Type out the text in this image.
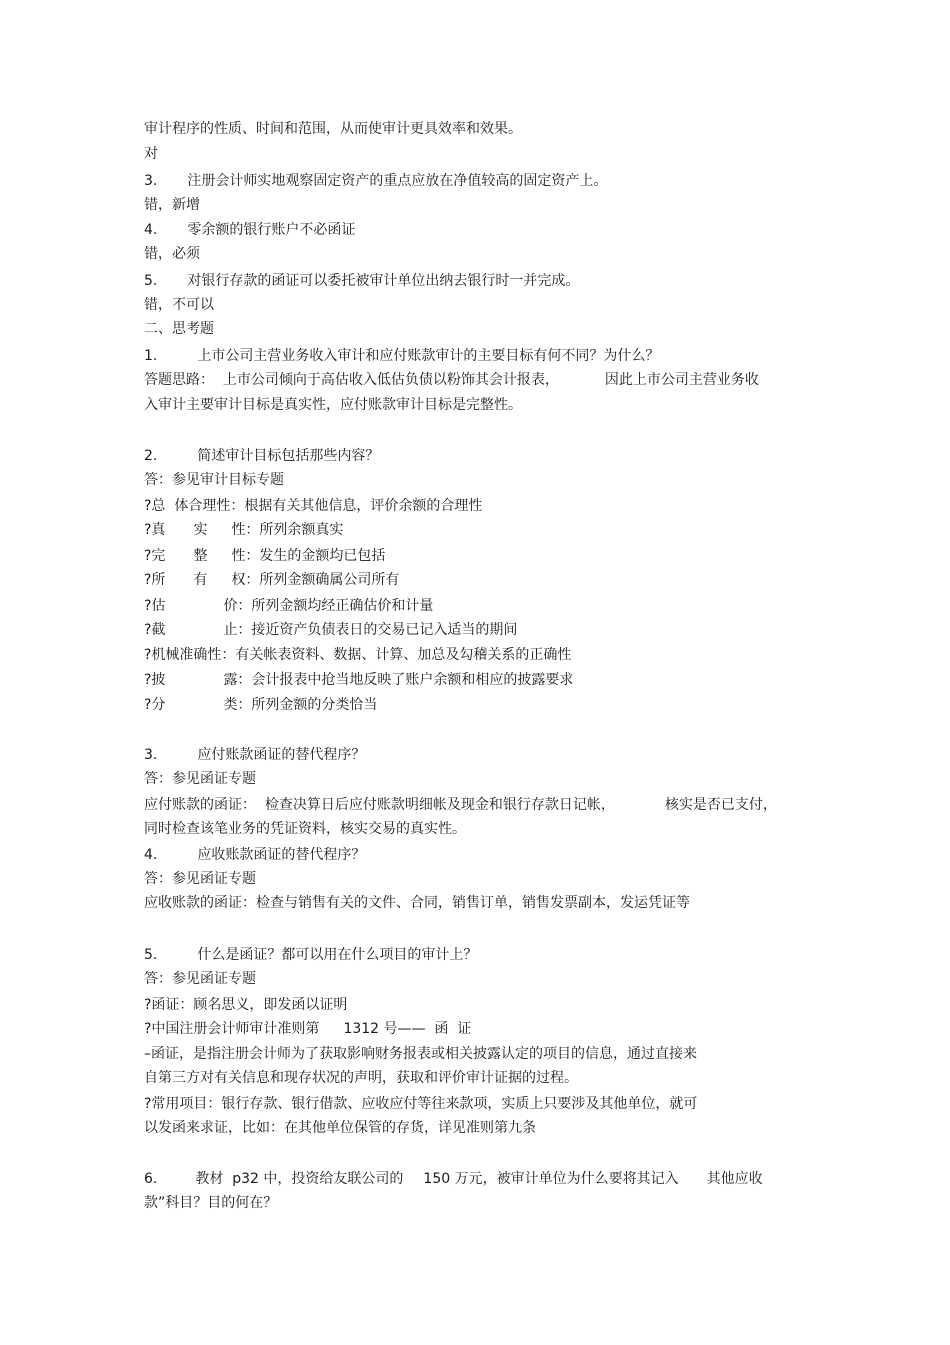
审计程序的性质、时间和范围，从而使审计更具效率和效果。
对
3. 注册会计师实地观察固定资产的重点应放在净值较高的固定资产上。
错，新增
4. 零余额的银行账户不必函证
错，必须
5. 对银行存款的函证可以委托被审计单位出纳去银行时一并完成。
错，不可以
二、思考题
1.	上市公司主营业务收入审计和应付账款审计的主要目标有何不同？为什么？
答题思路：  上市公司倾向于高估收入低估负债以粉饰其会计报表，	因此上市公司主营业务收
入审计主要审计目标是真实性，应付账款审计目标是完整性。
2.	简述审计目标包括那些内容？
答：参见审计目标专题
?总  体合理性：根据有关其他信息，评价余额的合理性
?真 实 性：所列余额真实
?完 整 性：发生的金额均已包括
?所 有 权：所列金额确属公司所有
?估	价：所列金额均经正确估价和计量
?截	止：接近资产负债表日的交易已记入适当的期间
?机械准确性：有关帐表资料、数据、计算、加总及勾稽关系的正确性
?披	露：会计报表中抢当地反映了账户余额和相应的披露要求
?分	类：所列金额的分类恰当
3.	应付账款函证的替代程序？
答：参见函证专题
应付账款的函证：  检查决算日后应付账款明细帐及现金和银行存款日记帐，	核实是否已支付，
同时检查该笔业务的凭证资料，核实交易的真实性。
4.	应收账款函证的替代程序？
答：参见函证专题
应收账款的函证：检查与销售有关的文件、合同，销售订单，销售发票副本，发运凭证等
5.	什么是函证？都可以用在什么项目的审计上？
答：参见函证专题
?函证：顾名思义，即发函以证明
?中国注册会计师审计准则第 1312 号——  函  证
–函证，是指注册会计师为了获取影响财务报表或相关披露认定的项目的信息，通过直接来
自第三方对有关信息和现存状况的声明，获取和评价审计证据的过程。
?常用项目：银行存款、银行借款、应收应付等往来款项，实质上只要涉及其他单位，就可
以发函来求证，比如：在其他单位保管的存货，详见准则第九条
6.	教材  p32 中，投资给友联公司的 150 万元，被审计单位为什么要将其记入 其他应收
款”科目？目的何在？
